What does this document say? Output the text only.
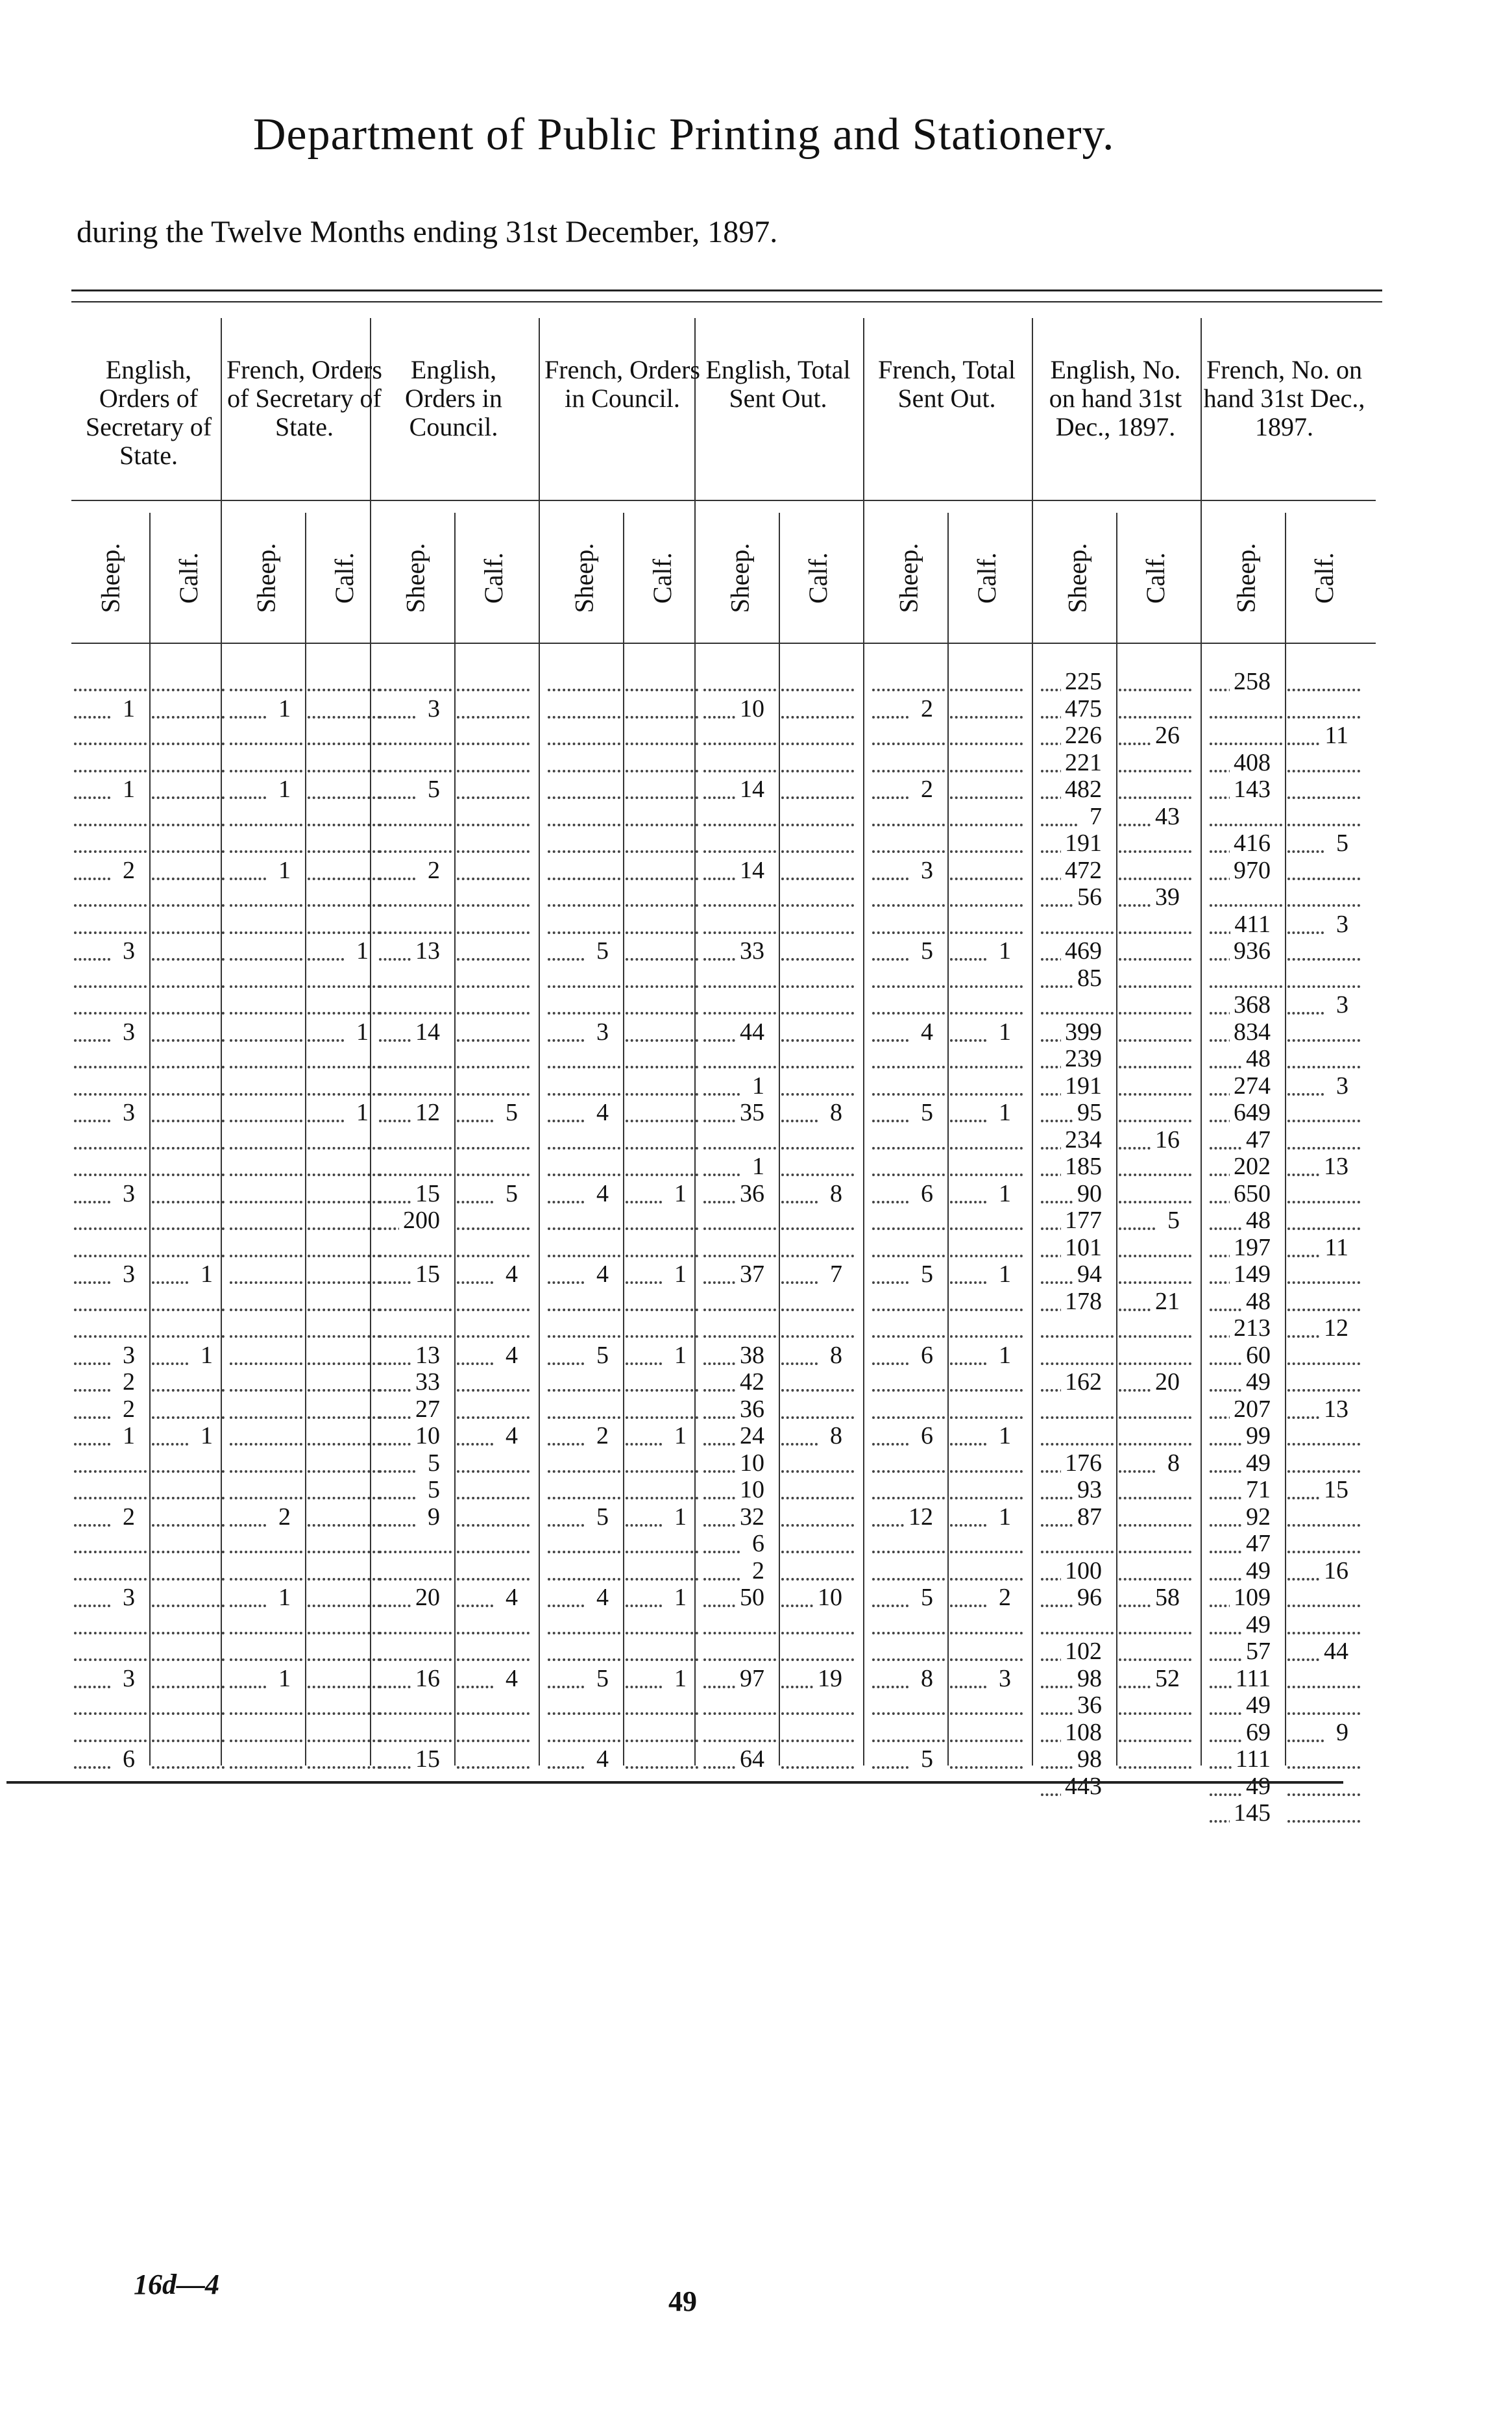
Department of Public Printing and Stationery.
during the Twelve Months ending 31st December, 1897.
English, Orders of Secretary of State.
French, Orders of Secretary of State.
English, Orders in Council.
French, Orders in Council.
English, Total Sent Out.
French, Total Sent Out.
English, No. on hand 31st Dec., 1897.
French, No. on hand 31st Dec., 1897.
Sheep. Calf. Sheep. Calf. Sheep. Calf. Sheep. Calf. Sheep. Calf. Sheep. Calf. Sheep. Calf. Sheep. Calf.
1
1
2
3
3
3
3
3
3
2
2
1
2
3
3
6
1
1
1
1
1
1
2
1
1
1
1
1
3
5
2
13
14
12
15
200
15
13
33
27
10
5
5
9
20
16
15
5
5
4
4
4
4
4
5
3
4
4
4
5
2
5
4
5
4
1
1
1
1
1
1
1
10
14
14
33
44
1
35
1
36
37
38
42
36
24
10
10
32
6
2
50
97
64
8
8
7
8
8
10
19
2
2
3
5
4
5
6
5
6
6
12
5
8
5
1
1
1
1
1
1
1
1
2
3
225
475
226
221
482
7
191
472
56
469
85
399
239
191
95
234
185
90
177
101
94
178
162
176
93
87
100
96
102
98
36
108
98
443
26
43
39
16
5
21
20
8
58
52
258
408
143
416
970
411
936
368
834
48
274
649
47
202
650
48
197
149
48
213
60
49
207
99
49
71
92
47
49
109
49
57
111
49
69
111
49
145
11
5
3
3
3
13
11
12
13
15
16
44
9
16d—4
49
